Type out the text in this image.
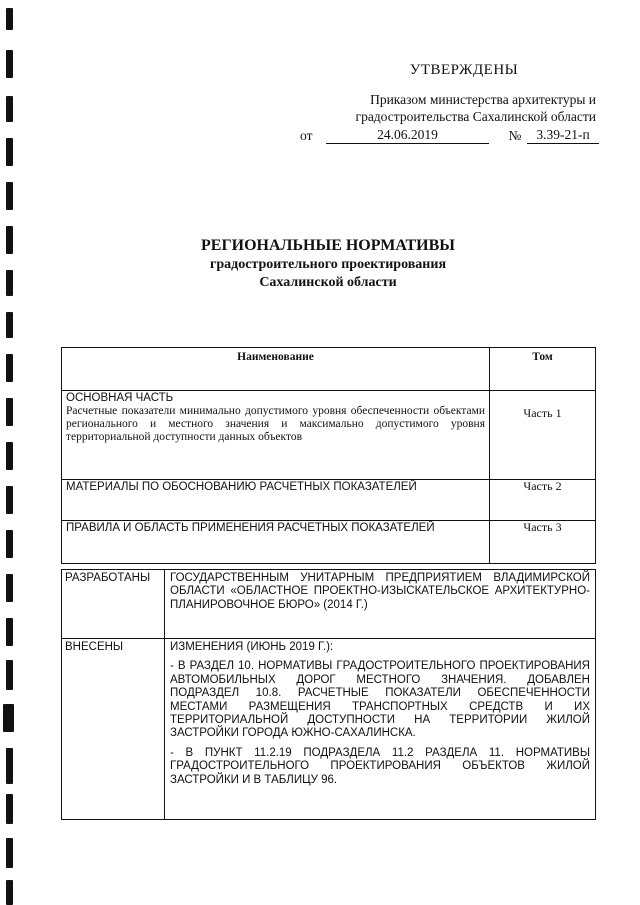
УТВЕРЖДЕНЫ
Приказом министерства архитектуры и
градостроительства Сахалинской области
от	24.06.2019	№	3.39-21-п
РЕГИОНАЛЬНЫЕ НОРМАТИВЫ
градостроительного проектирования
Сахалинской области
Наименование	Том

ОСНОВНАЯ ЧАСТЬ
Расчетные показатели минимально допустимого уровня обеспеченности объектами регионального и местного значения и максимально допустимого уровня территориальной доступности данных объектов	Часть 1

МАТЕРИАЛЫ ПО ОБОСНОВАНИЮ РАСЧЕТНЫХ ПОКАЗАТЕЛЕЙ	Часть 2

ПРАВИЛА И ОБЛАСТЬ ПРИМЕНЕНИЯ РАСЧЕТНЫХ ПОКАЗАТЕЛЕЙ	Часть 3
РАЗРАБОТАНЫ	ГОСУДАРСТВЕННЫМ УНИТАРНЫМ ПРЕДПРИЯТИЕМ ВЛАДИМИРСКОЙ ОБЛАСТИ «ОБЛАСТНОЕ ПРОЕКТНО-ИЗЫСКАТЕЛЬСКОЕ АРХИТЕКТУРНО-ПЛАНИРОВОЧНОЕ БЮРО» (2014 Г.)
ВНЕСЕНЫ	ИЗМЕНЕНИЯ (ИЮНЬ 2019 Г.):

- В РАЗДЕЛ 10. НОРМАТИВЫ ГРАДОСТРОИТЕЛЬНОГО ПРОЕКТИРОВАНИЯ АВТОМОБИЛЬНЫХ ДОРОГ МЕСТНОГО ЗНАЧЕНИЯ. ДОБАВЛЕН ПОДРАЗДЕЛ 10.8. РАСЧЕТНЫЕ ПОКАЗАТЕЛИ ОБЕСПЕЧЕННОСТИ МЕСТАМИ РАЗМЕЩЕНИЯ ТРАНСПОРТНЫХ СРЕДСТВ И ИХ ТЕРРИТОРИАЛЬНОЙ ДОСТУПНОСТИ НА ТЕРРИТОРИИ ЖИЛОЙ ЗАСТРОЙКИ ГОРОДА ЮЖНО-САХАЛИНСКА.

- В ПУНКТ 11.2.19 ПОДРАЗДЕЛА 11.2 РАЗДЕЛА 11. НОРМАТИВЫ ГРАДОСТРОИТЕЛЬНОГО ПРОЕКТИРОВАНИЯ ОБЪЕКТОВ ЖИЛОЙ ЗАСТРОЙКИ И В ТАБЛИЦУ 96.
